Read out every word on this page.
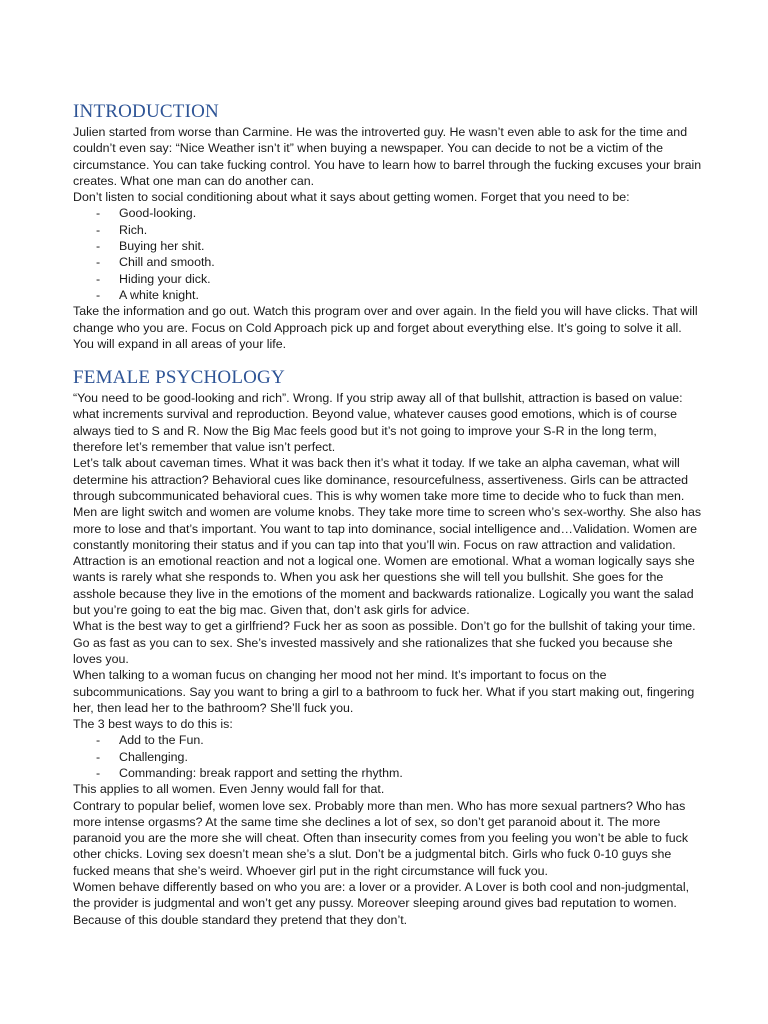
INTRODUCTION

Julien started from worse than Carmine. He was the introverted guy. He wasn’t even able to ask for the time and couldn’t even say: “Nice Weather isn’t it” when buying a newspaper. You can decide to not be a victim of the circumstance. You can take fucking control. You have to learn how to barrel through the fucking excuses your brain creates. What one man can do another can.

Don’t listen to social conditioning about what it says about getting women. Forget that you need to be:

- Good-looking.
- Rich.
- Buying her shit.
- Chill and smooth.
- Hiding your dick.
- A white knight.

Take the information and go out. Watch this program over and over again. In the field you will have clicks. That will change who you are. Focus on Cold Approach pick up and forget about everything else. It’s going to solve it all. You will expand in all areas of your life.

FEMALE PSYCHOLOGY

“You need to be good-looking and rich”. Wrong. If you strip away all of that bullshit, attraction is based on value: what increments survival and reproduction. Beyond value, whatever causes good emotions, which is of course always tied to S and R. Now the Big Mac feels good but it’s not going to improve your S-R in the long term, therefore let’s remember that value isn’t perfect.

Let’s talk about caveman times. What it was back then it’s what it today. If we take an alpha caveman, what will determine his attraction? Behavioral cues like dominance, resourcefulness, assertiveness. Girls can be attracted through subcommunicated behavioral cues. This is why women take more time to decide who to fuck than men. Men are light switch and women are volume knobs. They take more time to screen who’s sex-worthy. She also has more to lose and that’s important. You want to tap into dominance, social intelligence and…Validation. Women are constantly monitoring their status and if you can tap into that you’ll win. Focus on raw attraction and validation.

Attraction is an emotional reaction and not a logical one. Women are emotional. What a woman logically says she wants is rarely what she responds to. When you ask her questions she will tell you bullshit. She goes for the asshole because they live in the emotions of the moment and backwards rationalize. Logically you want the salad but you’re going to eat the big mac. Given that, don’t ask girls for advice.

What is the best way to get a girlfriend? Fuck her as soon as possible. Don’t go for the bullshit of taking your time. Go as fast as you can to sex. She’s invested massively and she rationalizes that she fucked you because she loves you.

When talking to a woman fucus on changing her mood not her mind. It’s important to focus on the subcommunications. Say you want to bring a girl to a bathroom to fuck her. What if you start making out, fingering her, then lead her to the bathroom? She’ll fuck you.

The 3 best ways to do this is:

- Add to the Fun.
- Challenging.
- Commanding: break rapport and setting the rhythm.

This applies to all women. Even Jenny would fall for that.

Contrary to popular belief, women love sex. Probably more than men. Who has more sexual partners? Who has more intense orgasms? At the same time she declines a lot of sex, so don’t get paranoid about it. The more paranoid you are the more she will cheat. Often than insecurity comes from you feeling you won’t be able to fuck other chicks. Loving sex doesn’t mean she’s a slut. Don’t be a judgmental bitch. Girls who fuck 0-10 guys she fucked means that she’s weird. Whoever girl put in the right circumstance will fuck you.

Women behave differently based on who you are: a lover or a provider. A Lover is both cool and non-judgmental, the provider is judgmental and won’t get any pussy. Moreover sleeping around gives bad reputation to women. Because of this double standard they pretend that they don’t.
